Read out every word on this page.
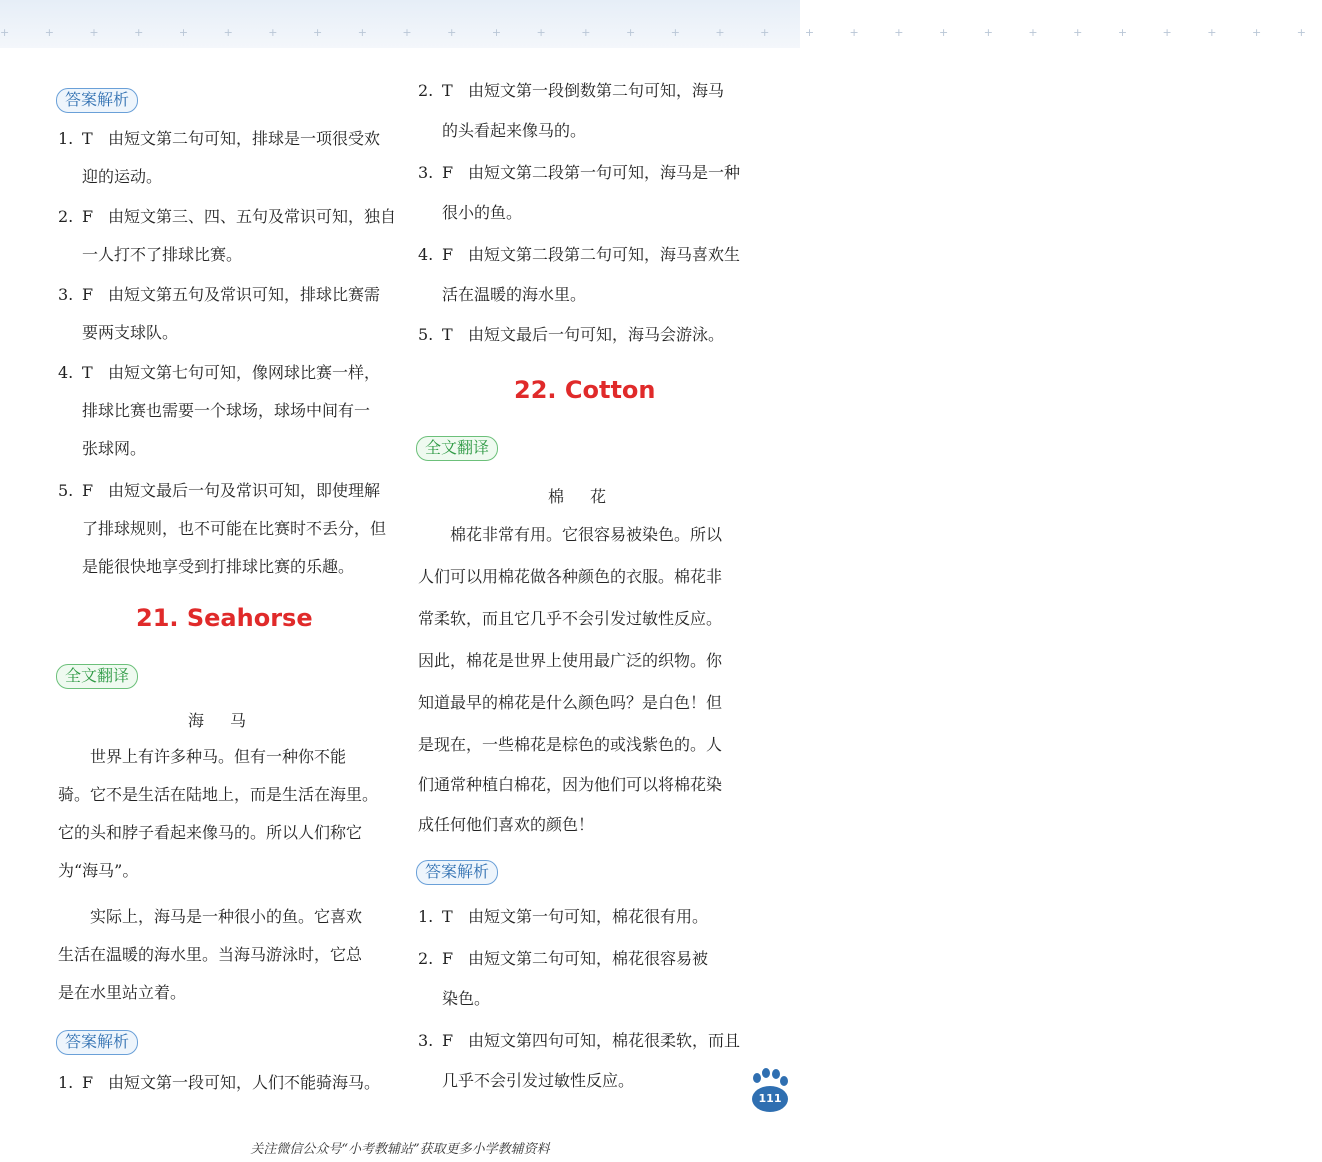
+ + + + + + + + + + + + + + + + + + + + + + + + + + + + + +
答案解析
1. T 由短文第二句可知，排球是一项很受欢
迎的运动。
2. F 由短文第三、四、五句及常识可知，独自
一人打不了排球比赛。
3. F 由短文第五句及常识可知，排球比赛需
要两支球队。
4. T 由短文第七句可知，像网球比赛一样，
排球比赛也需要一个球场，球场中间有一
张球网。
5. F 由短文最后一句及常识可知，即使理解
了排球规则，也不可能在比赛时不丢分，但
是能很快地享受到打排球比赛的乐趣。
21. Seahorse
全文翻译
海马
世界上有许多种马。但有一种你不能
骑。它不是生活在陆地上，而是生活在海里。
它的头和脖子看起来像马的。所以人们称它
为“海马”。
实际上，海马是一种很小的鱼。它喜欢
生活在温暖的海水里。当海马游泳时，它总
是在水里站立着。
答案解析
1. F 由短文第一段可知，人们不能骑海马。
2. T 由短文第一段倒数第二句可知，海马
的头看起来像马的。
3. F 由短文第二段第一句可知，海马是一种
很小的鱼。
4. F 由短文第二段第二句可知，海马喜欢生
活在温暖的海水里。
5. T 由短文最后一句可知，海马会游泳。
22. Cotton
全文翻译
棉花
棉花非常有用。它很容易被染色。所以
人们可以用棉花做各种颜色的衣服。棉花非
常柔软，而且它几乎不会引发过敏性反应。
因此，棉花是世界上使用最广泛的织物。你
知道最早的棉花是什么颜色吗？是白色！但
是现在，一些棉花是棕色的或浅紫色的。人
们通常种植白棉花，因为他们可以将棉花染
成任何他们喜欢的颜色！
答案解析
1. T 由短文第一句可知，棉花很有用。
2. F 由短文第二句可知，棉花很容易被
染色。
3. F 由短文第四句可知，棉花很柔软，而且
几乎不会引发过敏性反应。
111
关注微信公众号“小考教辅站”获取更多小学教辅资料
